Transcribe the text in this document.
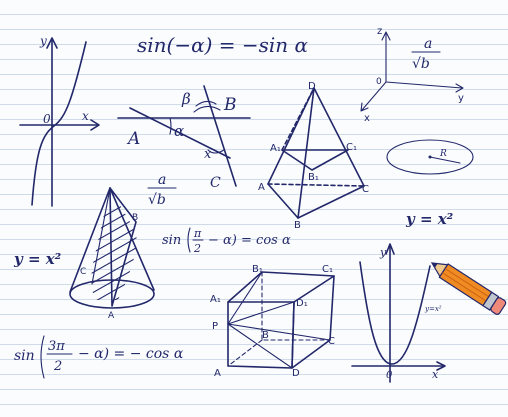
y
x
0
sin(−α) = −sin α
A
B
C
α
β
x
z
y
x
0
a
√b
D
A₁	C₁
B₁
A	C
B
R
a
√b
y = x²
B
C
A
y = x²
sin π
2
− α) = cos α
B₁	C₁
A₁	D₁
P
B
C
A	D
sin
3π
2
− α) = − cos α
y
x
0
y=x²
